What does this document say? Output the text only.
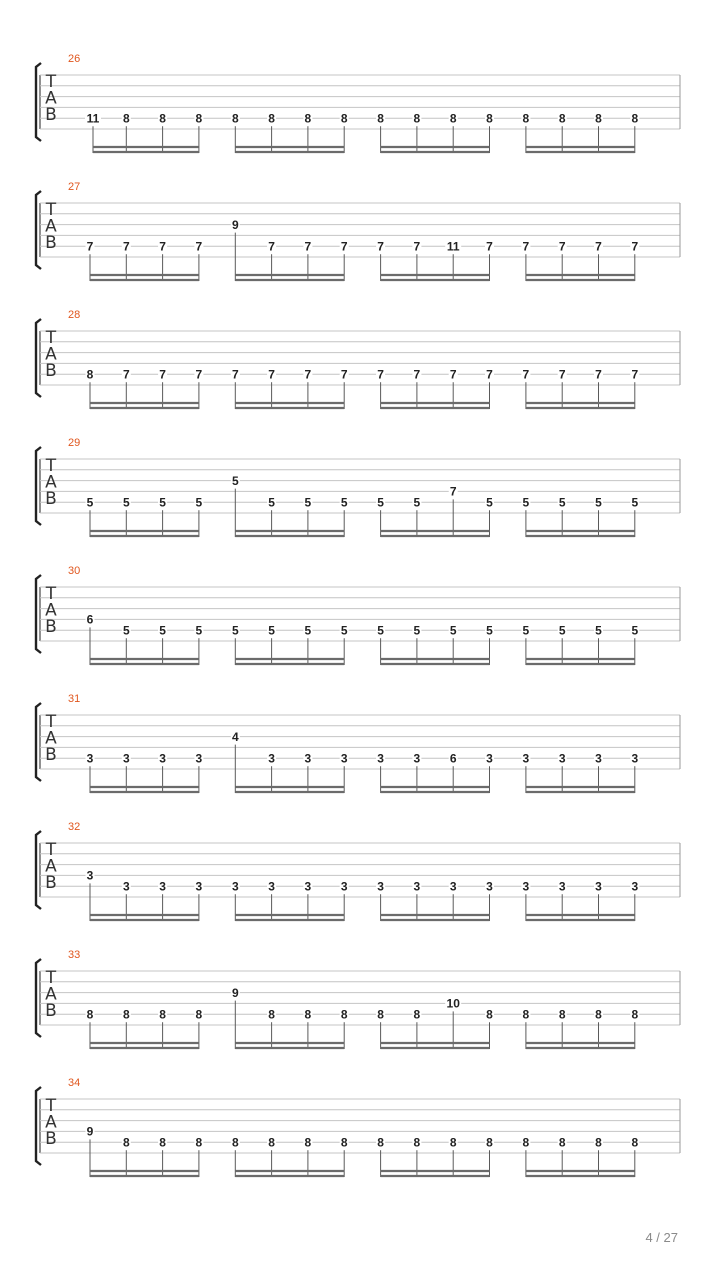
26
T
A
B 11 8 8 8 8 8 8 8 8 8 8 8 8 8 8 8
27
T
A
B 7 7 7 7
9
7 7 7 7 7 11 7 7 7 7 7
28
T
A
B 8 7 7 7 7 7 7 7 7 7 7 7 7 7 7 7
29
T
A
B 5 5 5 5
5
5 5 5 5 5
7
5 5 5 5 5
30
T
A
B 6
5 5 5 5 5 5 5 5 5 5 5 5 5 5 5
31
T
A
B 3 3 3 3
4
3 3 3 3 3 6 3 3 3 3 3
32
T
A
B 3
3 3 3 3 3 3 3 3 3 3 3 3 3 3 3
33
T
A
B 8 8 8 8
9
8 8 8 8 8
10
8 8 8 8 8
34
T
A
B 9
8 8 8 8 8 8 8 8 8 8 8 8 8 8 8
4 / 27
